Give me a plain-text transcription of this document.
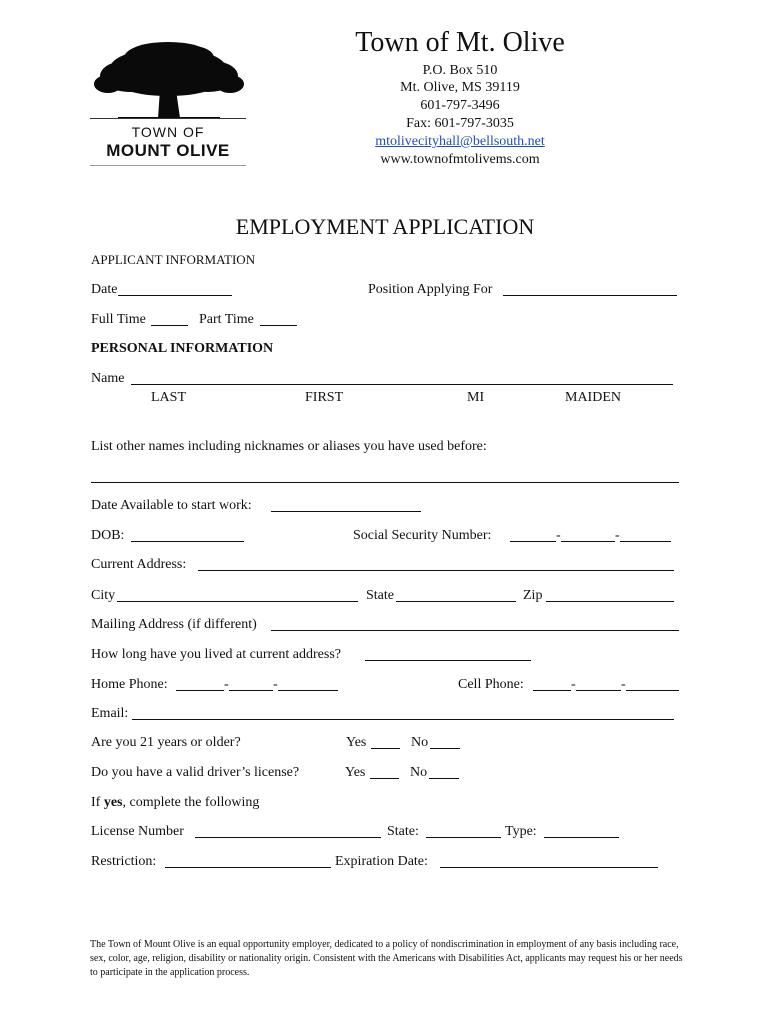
TOWN OF
MOUNT OLIVE
Town of Mt. Olive
P.O. Box 510
Mt. Olive, MS 39119
601-797-3496
Fax: 601-797-3035
mtolivecityhall@bellsouth.net
www.townofmtolivems.com
EMPLOYMENT APPLICATION
APPLICANT INFORMATION
Date	Position Applying For
Full Time	Part Time
PERSONAL INFORMATION
Name
LAST	FIRST	MI	MAIDEN
List other names including nicknames or aliases you have used before:
Date Available to start work:
DOB:	Social Security Number:	-	-
Current Address:
City	State	Zip
Mailing Address (if different)
How long have you lived at current address?
Home Phone:	-	-	Cell Phone:	-	-
Email:
Are you 21 years or older?	Yes	No
Do you have a valid driver’s license?	Yes	No
If yes, complete the following
License Number	State:	Type:
Restriction:	Expiration Date:
The Town of Mount Olive is an equal opportunity employer, dedicated to a policy of nondiscrimination in employment of any basis including race, sex, color, age, religion, disability or nationality origin. Consistent with the Americans with Disabilities Act, applicants may request his or her needs to participate in the application process.
